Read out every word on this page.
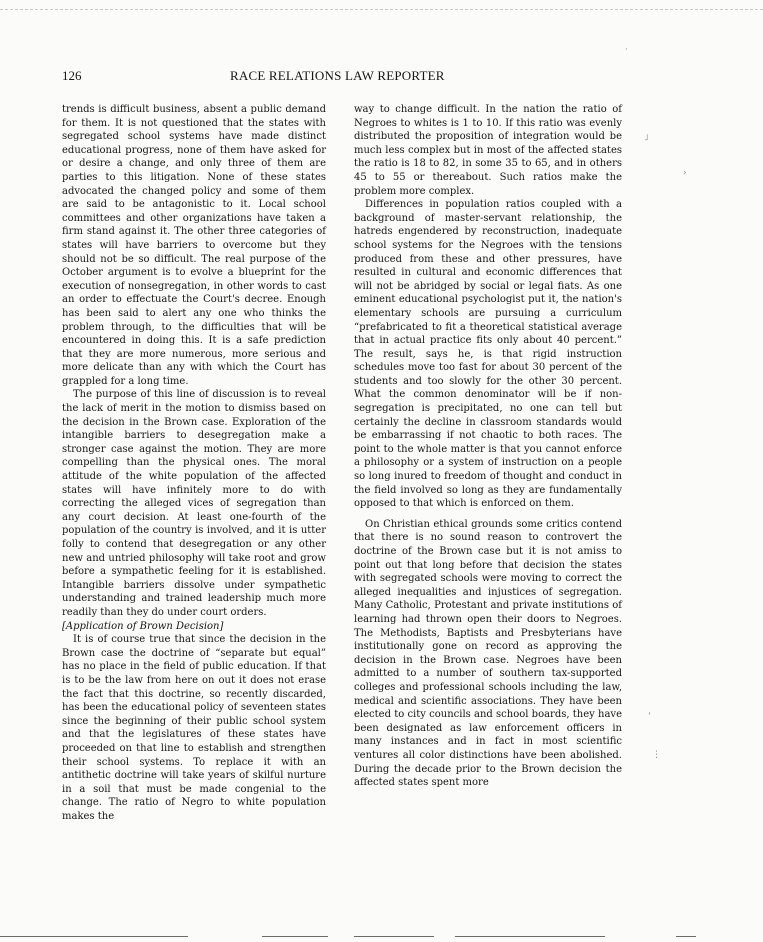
126	RACE RELATIONS LAW REPORTER

trends is difficult business, absent a public demand for them. It is not questioned that the states with segregated school systems have made distinct educational progress, none of them have asked for or desire a change, and only three of them are parties to this litigation. None of these states advocated the changed policy and some of them are said to be antagonistic to it. Local school committees and other organizations have taken a firm stand against it. The other three categories of states will have barriers to overcome but they should not be so difficult. The real purpose of the October argument is to evolve a blueprint for the execution of nonsegregation, in other words to cast an order to effectuate the Court's decree. Enough has been said to alert any one who thinks the problem through, to the difficulties that will be encountered in doing this. It is a safe prediction that they are more numerous, more serious and more delicate than any with which the Court has grappled for a long time.

The purpose of this line of discussion is to reveal the lack of merit in the motion to dismiss based on the decision in the Brown case. Exploration of the intangible barriers to desegregation make a stronger case against the motion. They are more compelling than the physical ones. The moral attitude of the white population of the affected states will have infinitely more to do with correcting the alleged vices of segregation than any court decision. At least one-fourth of the population of the country is involved, and it is utter folly to contend that desegregation or any other new and untried philosophy will take root and grow before a sympathetic feeling for it is established. Intangible barriers dissolve under sympathetic understanding and trained leadership much more readily than they do under court orders.

[Application of Brown Decision]

It is of course true that since the decision in the Brown case the doctrine of “separate but equal” has no place in the field of public education. If that is to be the law from here on out it does not erase the fact that this doctrine, so recently discarded, has been the educational policy of seventeen states since the beginning of their public school system and that the legislatures of these states have proceeded on that line to establish and strengthen their school systems. To replace it with an antithetic doctrine will take years of skilful nurture in a soil that must be made congenial to the change. The ratio of Negro to white population makes the

way to change difficult. In the nation the ratio of Negroes to whites is 1 to 10. If this ratio was evenly distributed the proposition of integration would be much less complex but in most of the affected states the ratio is 18 to 82, in some 35 to 65, and in others 45 to 55 or thereabout. Such ratios make the problem more complex.

Differences in population ratios coupled with a background of master-servant relationship, the hatreds engendered by reconstruction, inadequate school systems for the Negroes with the tensions produced from these and other pressures, have resulted in cultural and economic differences that will not be abridged by social or legal fiats. As one eminent educational psychologist put it, the nation's elementary schools are pursuing a curriculum “prefabricated to fit a theoretical statistical average that in actual practice fits only about 40 percent.” The result, says he, is that rigid instruction schedules move too fast for about 30 percent of the students and too slowly for the other 30 percent. What the common denominator will be if non-segregation is precipitated, no one can tell but certainly the decline in classroom standards would be embarrassing if not chaotic to both races. The point to the whole matter is that you cannot enforce a philosophy or a system of instruction on a people so long inured to freedom of thought and conduct in the field involved so long as they are fundamentally opposed to that which is enforced on them.

On Christian ethical grounds some critics contend that there is no sound reason to controvert the doctrine of the Brown case but it is not amiss to point out that long before that decision the states with segregated schools were moving to correct the alleged inequalities and injustices of segregation. Many Catholic, Protestant and private institutions of learning had thrown open their doors to Negroes. The Methodists, Baptists and Presbyterians have institutionally gone on record as approving the decision in the Brown case. Negroes have been admitted to a number of southern tax-supported colleges and professional schools including the law, medical and scientific associations. They have been elected to city councils and school boards, they have been designated as law enforcement officers in many instances and in fact in most scientific ventures all color distinctions have been abolished. During the decade prior to the Brown decision the affected states spent more

˩
›
·
ʼ
⋮
